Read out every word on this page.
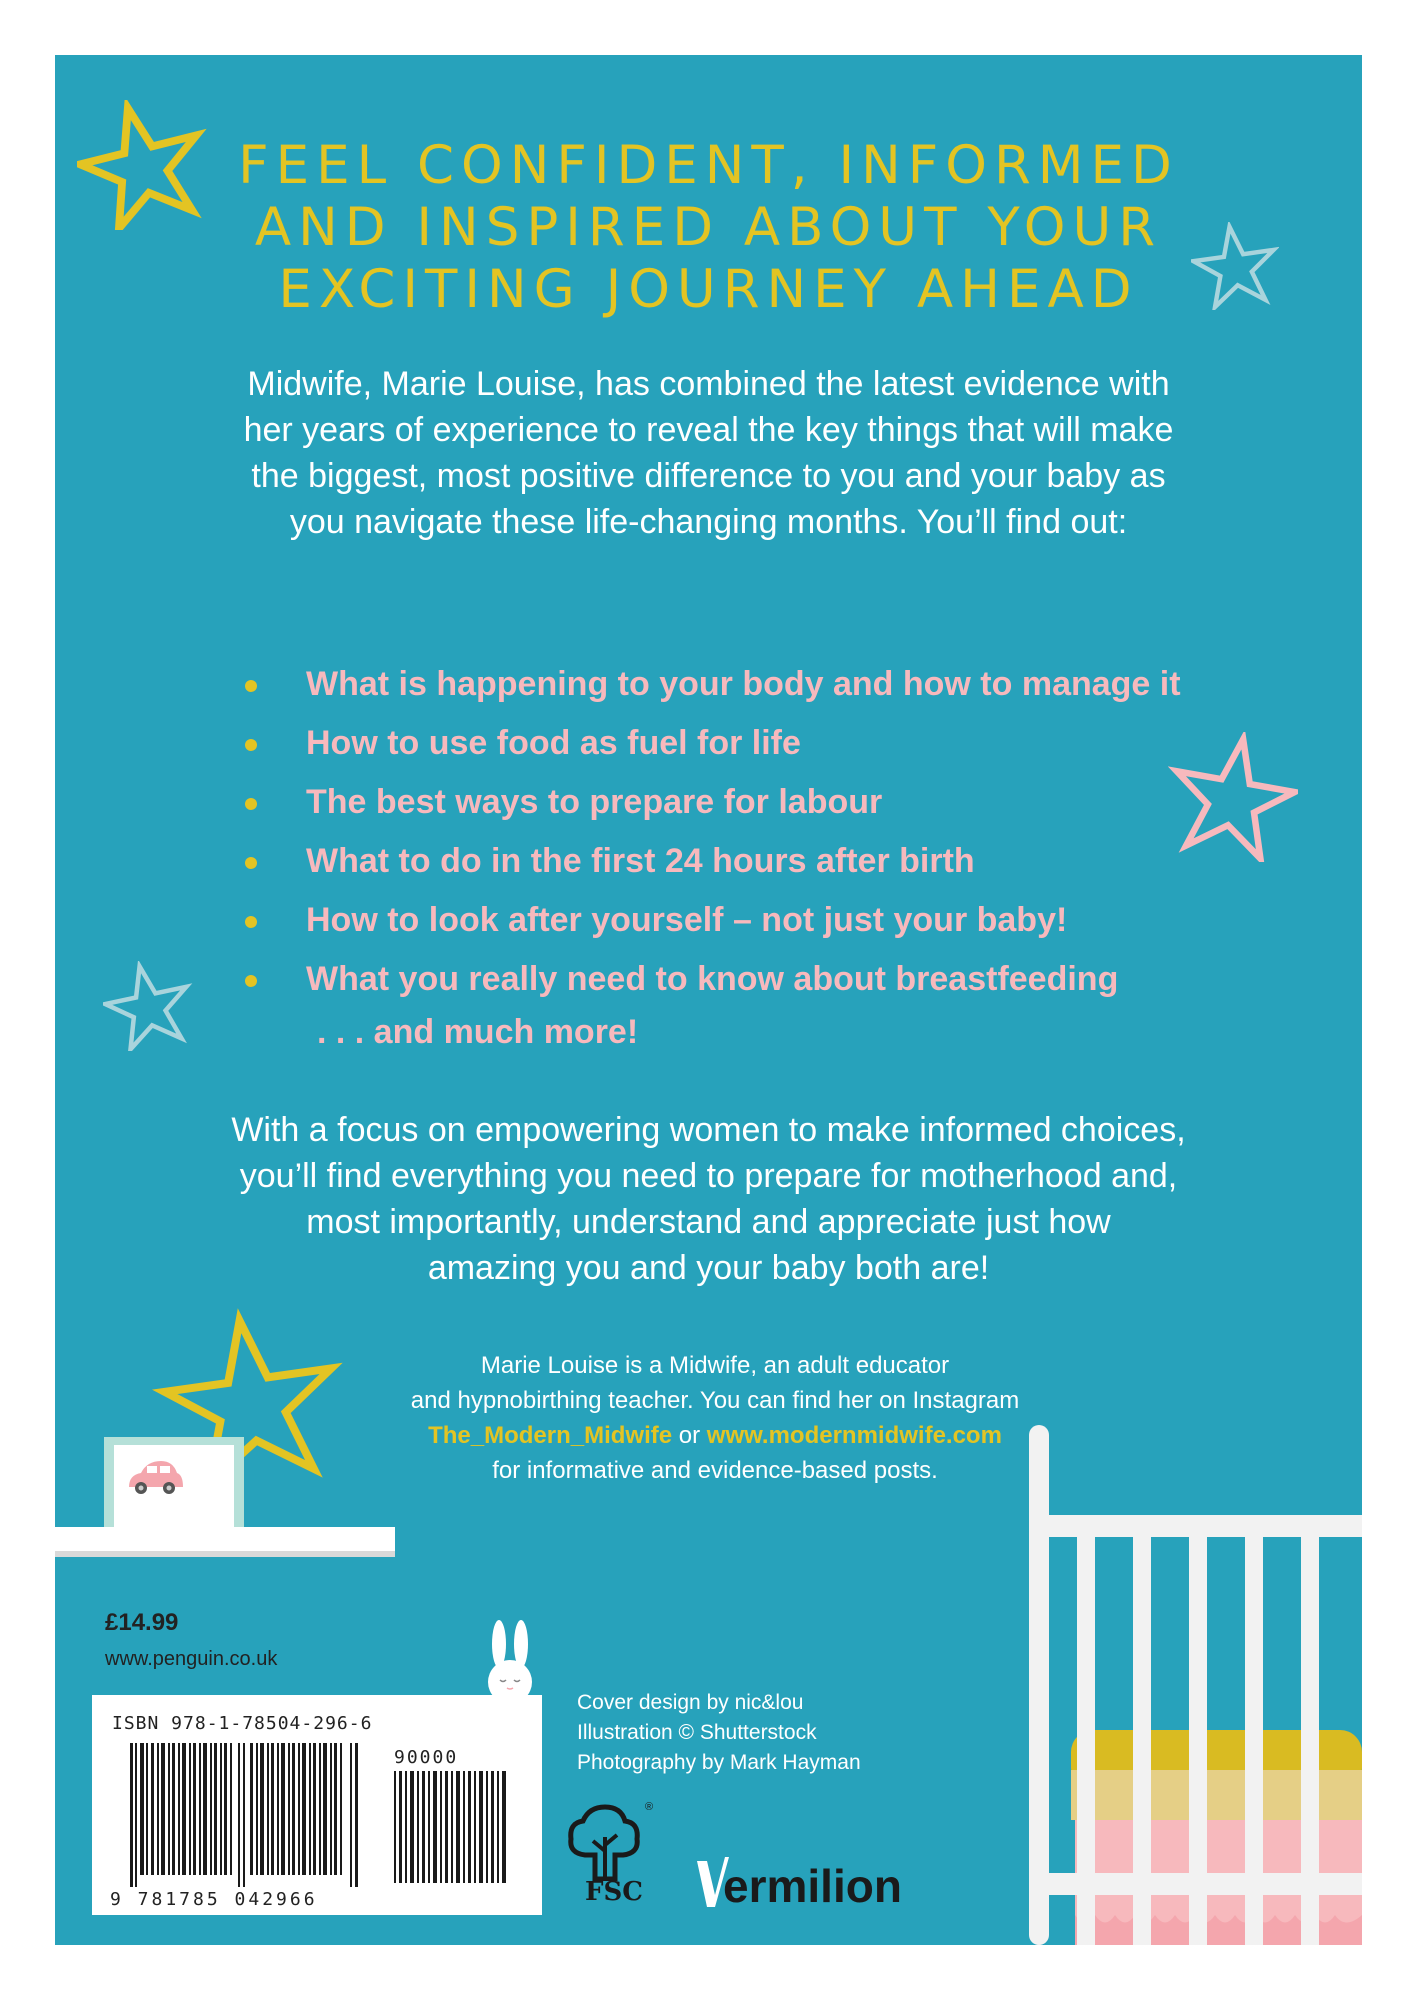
FEEL CONFIDENT, INFORMED
AND INSPIRED ABOUT YOUR
EXCITING JOURNEY AHEAD
Midwife, Marie Louise, has combined the latest evidence with
her years of experience to reveal the key things that will make
the biggest, most positive difference to you and your baby as
you navigate these life-changing months. You’ll find out:
What is happening to your body and how to manage it
How to use food as fuel for life
The best ways to prepare for labour
What to do in the first 24 hours after birth
How to look after yourself – not just your baby!
What you really need to know about breastfeeding
. . . and much more!
With a focus on empowering women to make informed choices,
you’ll find everything you need to prepare for motherhood and,
most importantly, understand and appreciate just how
amazing you and your baby both are!
Marie Louise is a Midwife, an adult educator
and hypnobirthing teacher. You can find her on Instagram
The_Modern_Midwife or www.modernmidwife.com
for informative and evidence-based posts.
£14.99
www.penguin.co.uk
ISBN 978-1-78504-296-6
90000
9 781785 042966
Cover design by nic&lou
Illustration © Shutterstock
Photography by Mark Hayman
®
FSC ermilion
